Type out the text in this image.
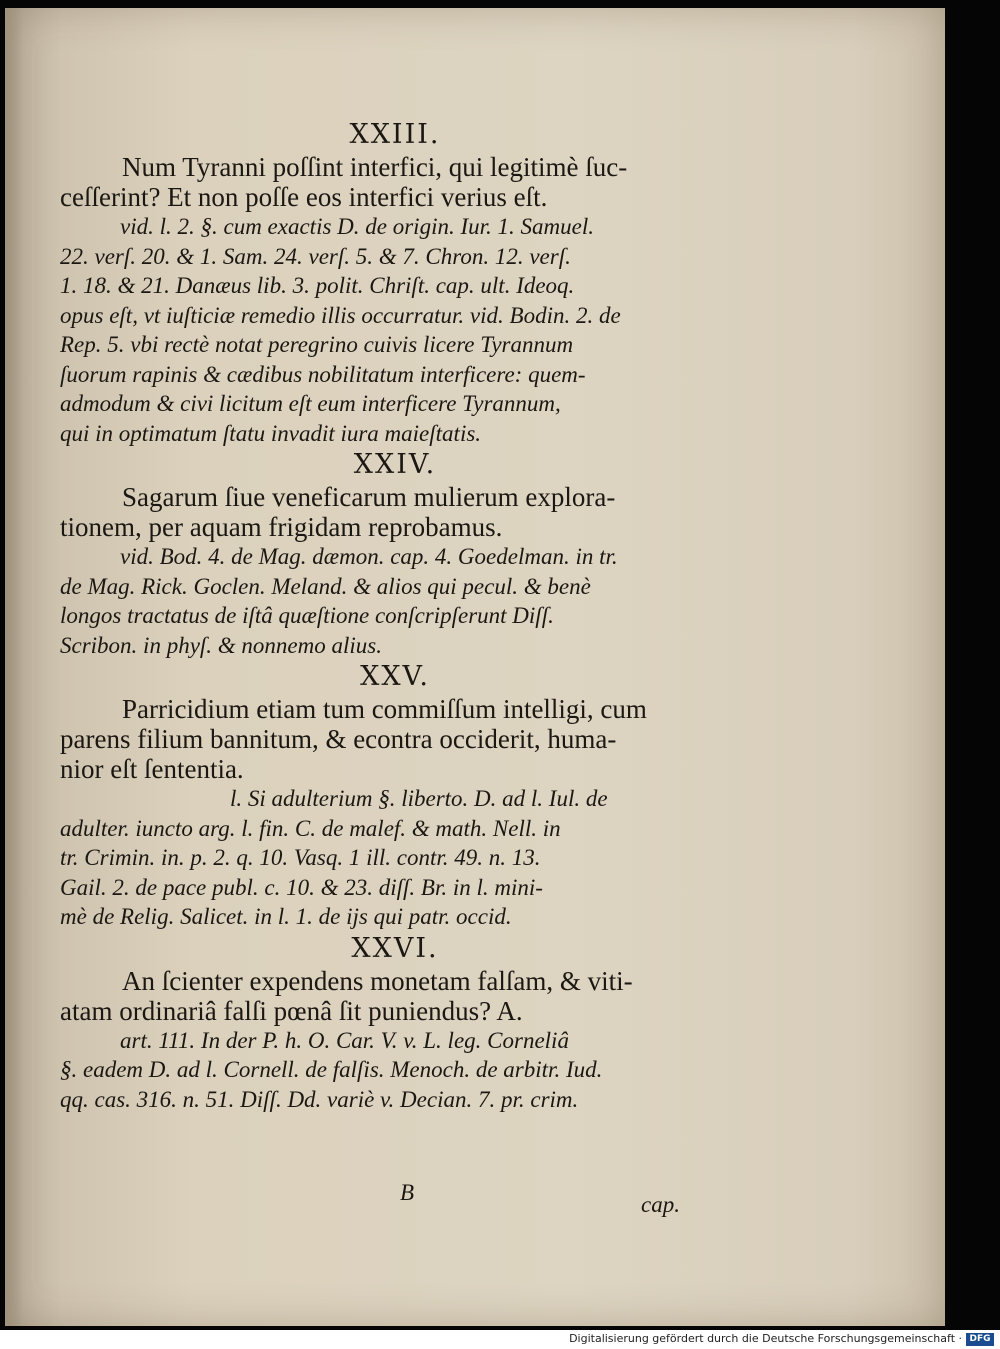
XXIII.

Num Tyranni poſſint interfici, qui legitimè ſuc-
ceſſerint? Et non poſſe eos interfici verius eſt.

vid. l. 2. §. cum exactis D. de origin. Iur. 1. Samuel.
22. verſ. 20. & 1. Sam. 24. verſ. 5. & 7. Chron. 12. verſ.
1. 18. & 21. Danæus lib. 3. polit. Chriſt. cap. ult. Ideoq.
opus eſt, vt iuſticiæ remedio illis occurratur. vid. Bodin. 2. de
Rep. 5. vbi rectè notat peregrino cuivis licere Tyrannum
ſuorum rapinis & cædibus nobilitatum interficere: quem-
admodum & civi licitum eſt eum interficere Tyrannum,
qui in optimatum ſtatu invadit iura maieſtatis.

XXIV.

Sagarum ſiue veneficarum mulierum explora-
tionem, per aquam frigidam reprobamus.

vid. Bod. 4. de Mag. dæmon. cap. 4. Goedelman. in tr.
de Mag. Rick. Goclen. Meland. & alios qui pecul. & benè
longos tractatus de iſtâ quæſtione conſcripſerunt Diſſ.
Scribon. in phyſ. & nonnemo alius.

XXV.

Parricidium etiam tum commiſſum intelligi, cum
parens filium bannitum, & econtra occiderit, huma-
nior eſt ſententia.

l. Si adulterium §. liberto. D. ad l. Iul. de
adulter. iuncto arg. l. fin. C. de malef. & math. Nell. in
tr. Crimin. in. p. 2. q. 10. Vasq. 1 ill. contr. 49. n. 13.
Gail. 2. de pace publ. c. 10. & 23. diſſ. Br. in l. mini-
mè de Relig. Salicet. in l. 1. de ijs qui patr. occid.

XXVI.

An ſcienter expendens monetam falſam, & viti-
atam ordinariâ falſi pœnâ ſit puniendus? A.

art. 111. In der P. h. O. Car. V. v. L. leg. Corneliâ
§. eadem D. ad l. Cornell. de falſis. Menoch. de arbitr. Iud.
qq. cas. 316. n. 51. Diſſ. Dd. variè v. Decian. 7. pr. crim.

B	cap.
Digitalisierung gefördert durch die Deutsche Forschungsgemeinschaft · DFG
